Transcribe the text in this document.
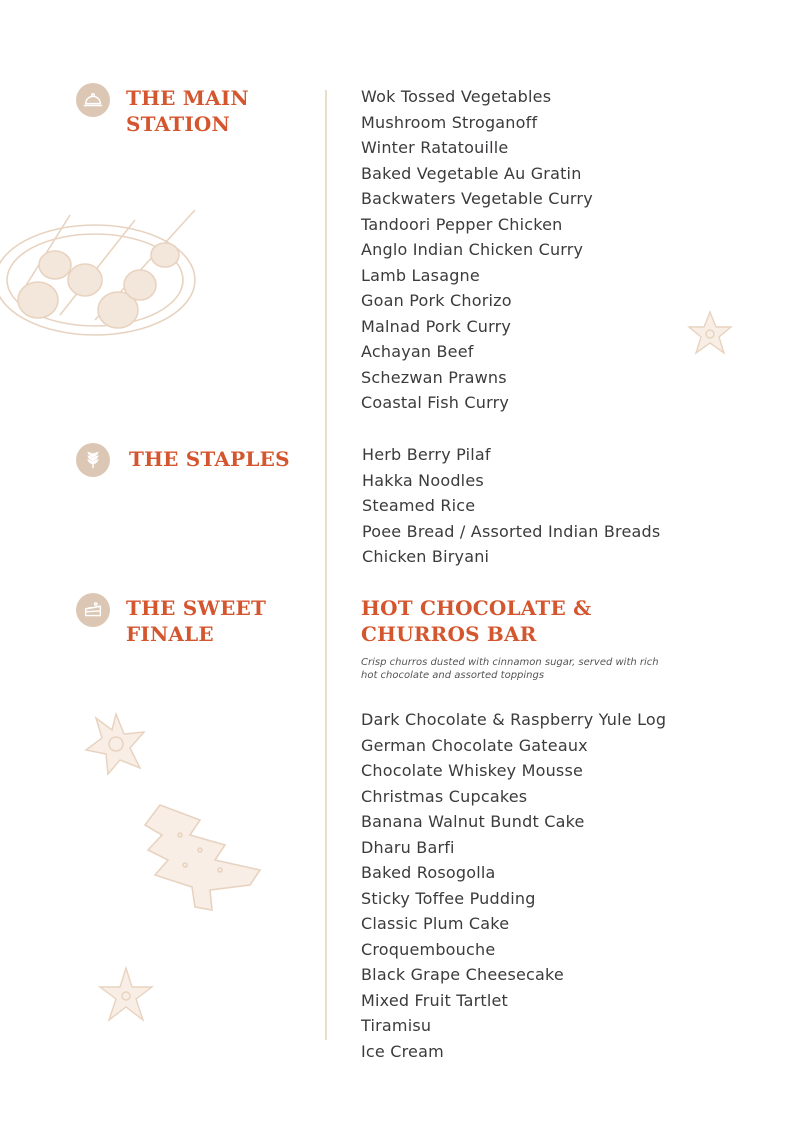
THE MAIN
STATION
Wok Tossed Vegetables
Mushroom Stroganoff
Winter Ratatouille
Baked Vegetable Au Gratin
Backwaters Vegetable Curry
Tandoori Pepper Chicken
Anglo Indian Chicken Curry
Lamb Lasagne
Goan Pork Chorizo
Malnad Pork Curry
Achayan Beef
Schezwan Prawns
Coastal Fish Curry
THE STAPLES	Herb Berry Pilaf
Hakka Noodles
Steamed Rice
Poee Bread / Assorted Indian Breads
Chicken Biryani
THE SWEET
FINALE
HOT CHOCOLATE &
CHURROS BAR
Crisp churros dusted with cinnamon sugar, served with rich hot chocolate and assorted toppings
Dark Chocolate & Raspberry Yule Log
German Chocolate Gateaux
Chocolate Whiskey Mousse
Christmas Cupcakes
Banana Walnut Bundt Cake
Dharu Barfi
Baked Rosogolla
Sticky Toffee Pudding
Classic Plum Cake
Croquembouche
Black Grape Cheesecake
Mixed Fruit Tartlet
Tiramisu
Ice Cream
